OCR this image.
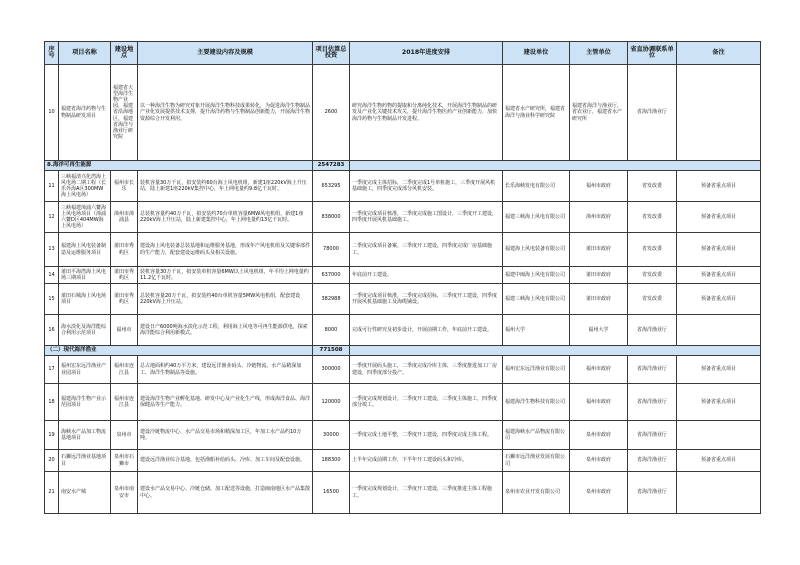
序号	项目名称	建设地点	主要建设内容及规模	项目估算总投资	2018年进度安排	建设单位	主管单位	省直协调联系单位	备注
10	福建省海洋药物与生物制品研发项目	福建省大型海洋生物产业园，福建省沿海地区，福建省海洋与渔业厅研究院	以一种海洋生物为研究对象开展海洋生物科技成果转化，为促进海洋生物制品产业化发展提供技术支撑，提升海洋药物与生物制品创新能力，开展海洋生物资源综合开发利用。	2600	研究海洋生物药物的提取和分离纯化技术，开展海洋生物制品的研发及产业化关键技术攻关，提升海洋生物医药产业创新能力，加快海洋药物与生物制品开发进程。	福建省水产研究所，福建省海洋与渔业科学研究院	福建省海洋与渔业厅，省农业厅，福建省水产研究所	省海洋渔业厅	
8.海洋可再生能源				2547283					
11	三峡福清兴化湾海上风电场二期工程（长乐外海A区300MW海上风电场）	福州市长乐	装机容量30万千瓦，拟安装约60台海上风电机组，新建1座220kV海上升压站，陆上新建1座220kV集控中心，年上网电量约9.8亿千瓦时。	653295	一季度完成主体招标，二季度完成1号单桩施工，三季度开展风机基础施工，四季度完成部分风机安装。	长乐海峡发电有限公司	福州市政府	省发改委	预备省重点项目
12	三峡福建漳浦六鳌海上风电场项目（漳浦六鳌D区404MW海上风电场）	漳州市漳浦县	总装机容量约40万千瓦，拟安装约70台单机容量6MW风电机组，新建1座220kV海上升压站，陆上新建集控中心，年上网电量约13亿千瓦时。	838000	一季度完成项目核准，二季度完成施工图设计，三季度开工建设，四季度开展风机基础施工。	福建三峡海上风电有限公司	漳州市政府	省发改委	预备省重点项目
13	福建海上风电装备制造及运维服务项目	莆田市秀屿区	建设海上风电装备总装基地和运维服务基地，形成年产风电机组及关键零部件的生产能力，配套建设运维码头及相关设施。	78000	二季度完成项目备案，三季度开工建设，四季度完成厂房基础施工。	福建海上风电装备有限公司	莆田市政府	省发改委	预备省重点项目
14	莆田平海湾海上风电场三期项目	莆田市秀屿区	装机容量30万千瓦，拟安装单机容量6MW以上风电机组，年平均上网电量约11.2亿千瓦时。	637000	年底前开工建设。	福建中闽海上风电有限公司	莆田市政府	省发改委	预备省重点项目
15	莆田石城海上风电场项目	莆田市秀屿区	总装机容量20万千瓦，拟安装约40台单机容量5MW风电机组，配套建设220kV海上升压站。	382988	一季度完成项目核准，二季度完成招标，三季度开工建设，四季度开展风机基础施工及海缆铺设。	福建三峡海上风电有限公司	莆田市政府	省发改委	预备省重点项目
16	海水淡化及海洋能综合利用示范项目	福州市	建设日产6000吨海水淡化示范工程，利用海上风电等可再生能源供电，探索海洋能综合利用新模式。	8000	完成可行性研究及初步设计，开展前期工作，年底前开工建设。	福州大学	福州大学	省海洋渔业厅	
（二）现代海洋渔业				771508					
17	福州宏东远洋渔业产业园项目	福州市连江县	总占地面积约40万平方米，建设远洋渔业码头、冷链物流、水产品精深加工、海洋生物制品等设施。	300000	一季度开展码头施工，二季度完成冷库主体，三季度推进加工厂房建设，四季度部分投产。	福州宏东远洋渔业有限公司	福州市政府	省海洋渔业厅	预备省重点项目
18	福建海洋生物产业示范园项目	福州市连江县	建设海洋生物产业孵化基地、研发中心及产业化生产线，形成海洋食品、海洋保健品等生产能力。	120000	一季度完成规划设计，二季度开工建设，三季度主体施工，四季度部分竣工。	福建海洋生物科技有限公司	福州市政府	省海洋渔业厅	预备省重点项目
19	海峡水产品加工物流基地项目	泉州市	建设冷链物流中心、水产品交易市场和精深加工区，年加工水产品约10万吨。	30000	一季度完成土地平整，二季度开工建设，四季度完成主体工程。	福建海峡水产品物流有限公司	泉州市政府	省海洋渔业厅	
20	石狮远洋渔业基地项目	泉州市石狮市	建设远洋渔业综合基地，包括渔船补给码头、冷库、加工车间及配套设施。	188300	上半年完成前期工作，下半年开工建设码头和冷库。	石狮市远洋渔业发展有限公司	泉州市政府	省海洋渔业厅	预备省重点项目
21	南安水产城	泉州市南安市	建设水产品交易中心、冷链仓储、加工配送等设施，打造闽南地区水产品集散中心。	16500	一季度完成规划设计，二季度开工建设，三季度推进主体工程施工。	泉州市农业开发有限公司	泉州市政府	省海洋渔业厅	
